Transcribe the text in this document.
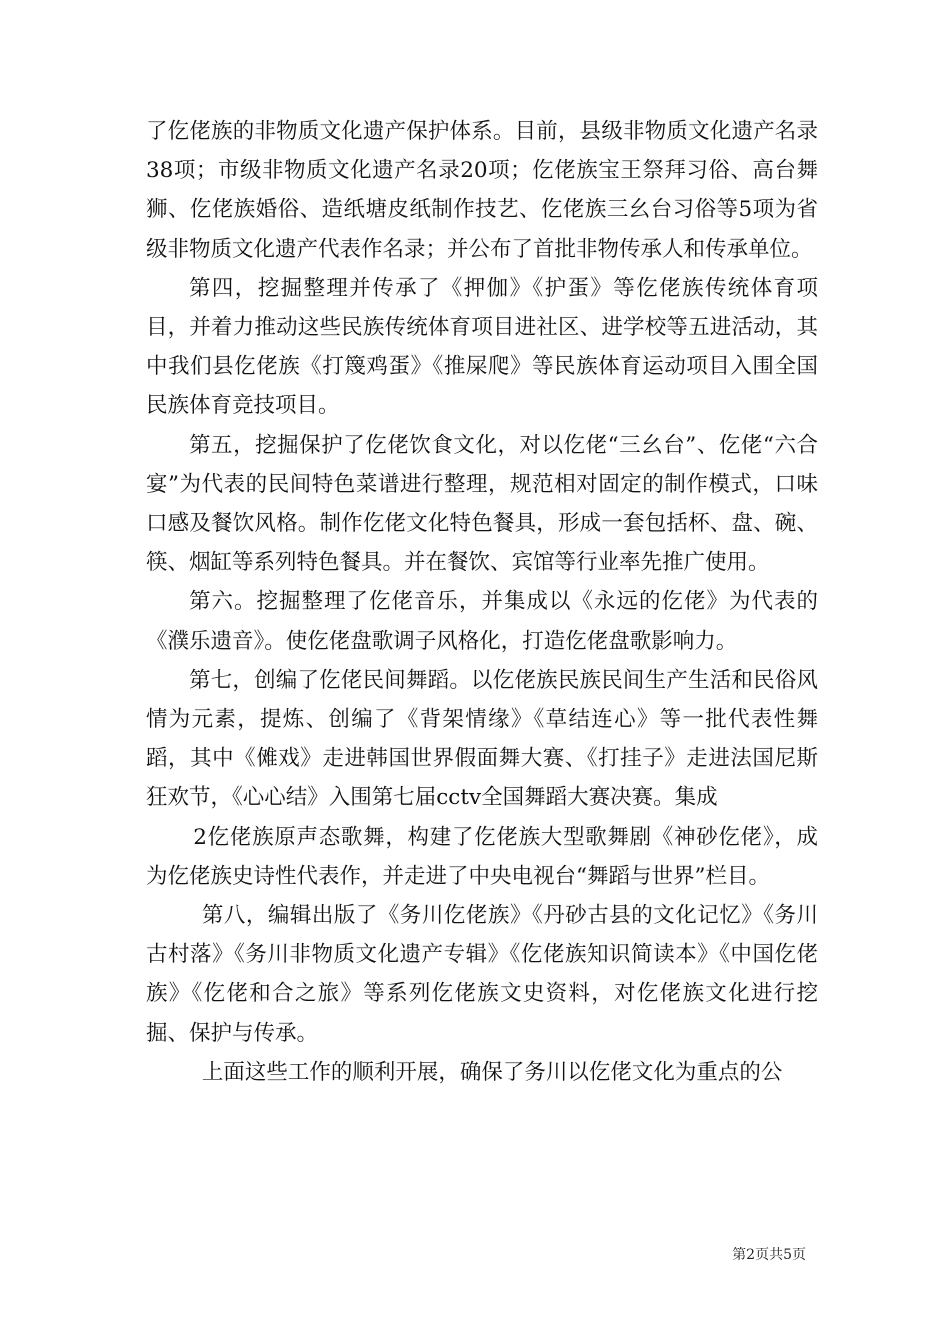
了仡佬族的非物质文化遗产保护体系。目前，县级非物质文化遗产名录38项；市级非物质文化遗产名录20项；仡佬族宝王祭拜习俗、高台舞狮、仡佬族婚俗、造纸塘皮纸制作技艺、仡佬族三幺台习俗等5项为省级非物质文化遗产代表作名录；并公布了首批非物传承人和传承单位。

第四，挖掘整理并传承了《押伽》《护蛋》等仡佬族传统体育项目，并着力推动这些民族传统体育项目进社区、进学校等五进活动，其中我们县仡佬族《打篾鸡蛋》《推屎爬》等民族体育运动项目入围全国民族体育竞技项目。

第五，挖掘保护了仡佬饮食文化，对以仡佬“三幺台”、仡佬“六合宴”为代表的民间特色菜谱进行整理，规范相对固定的制作模式，口味口感及餐饮风格。制作仡佬文化特色餐具，形成一套包括杯、盘、碗、筷、烟缸等系列特色餐具。并在餐饮、宾馆等行业率先推广使用。

第六。挖掘整理了仡佬音乐，并集成以《永远的仡佬》为代表的《濮乐遗音》。使仡佬盘歌调子风格化，打造仡佬盘歌影响力。

第七，创编了仡佬民间舞蹈。以仡佬族民族民间生产生活和民俗风情为元素，提炼、创编了《背架情缘》《草结连心》等一批代表性舞蹈，其中《傩戏》走进韩国世界假面舞大赛、《打挂子》走进法国尼斯狂欢节，《心心结》入围第七届cctv全国舞蹈大赛决赛。集成

2仡佬族原声态歌舞，构建了仡佬族大型歌舞剧《神砂仡佬》，成为仡佬族史诗性代表作，并走进了中央电视台“舞蹈与世界”栏目。

第八，编辑出版了《务川仡佬族》《丹砂古县的文化记忆》《务川古村落》《务川非物质文化遗产专辑》《仡佬族知识简读本》《中国仡佬族》《仡佬和合之旅》等系列仡佬族文史资料，对仡佬族文化进行挖掘、保护与传承。

上面这些工作的顺利开展，确保了务川以仡佬文化为重点的公

第2页共5页
